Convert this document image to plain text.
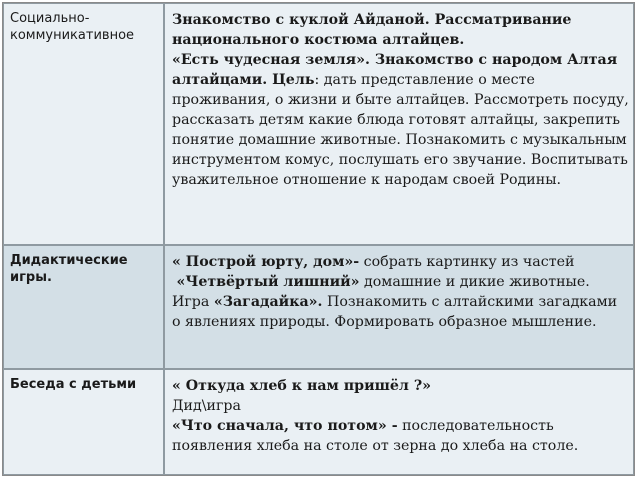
Социально-коммуникативное
Знакомство с куклой Айданой. Рассматривание национального костюма алтайцев.
«Есть чудесная земля». Знакомство с народом Алтая алтайцами. Цель: дать представление о месте проживания, о жизни и быте алтайцев. Рассмотреть посуду, рассказать детям какие блюда готовят алтайцы, закрепить понятие домашние животные. Познакомить с музыкальным инструментом комус, послушать его звучание. Воспитывать уважительное отношение к народам своей Родины.
Дидактические игры.
« Построй юрту, дом»- собрать картинку из частей
«Четвёртый лишний» домашние и дикие животные.
Игра «Загадайка». Познакомить с алтайскими загадками о явлениях природы. Формировать образное мышление.
Беседа с детьми	« Откуда хлеб к нам пришёл ?»
Дид\игра
«Что сначала, что потом» - последовательность появления хлеба на столе от зерна до хлеба на столе.
